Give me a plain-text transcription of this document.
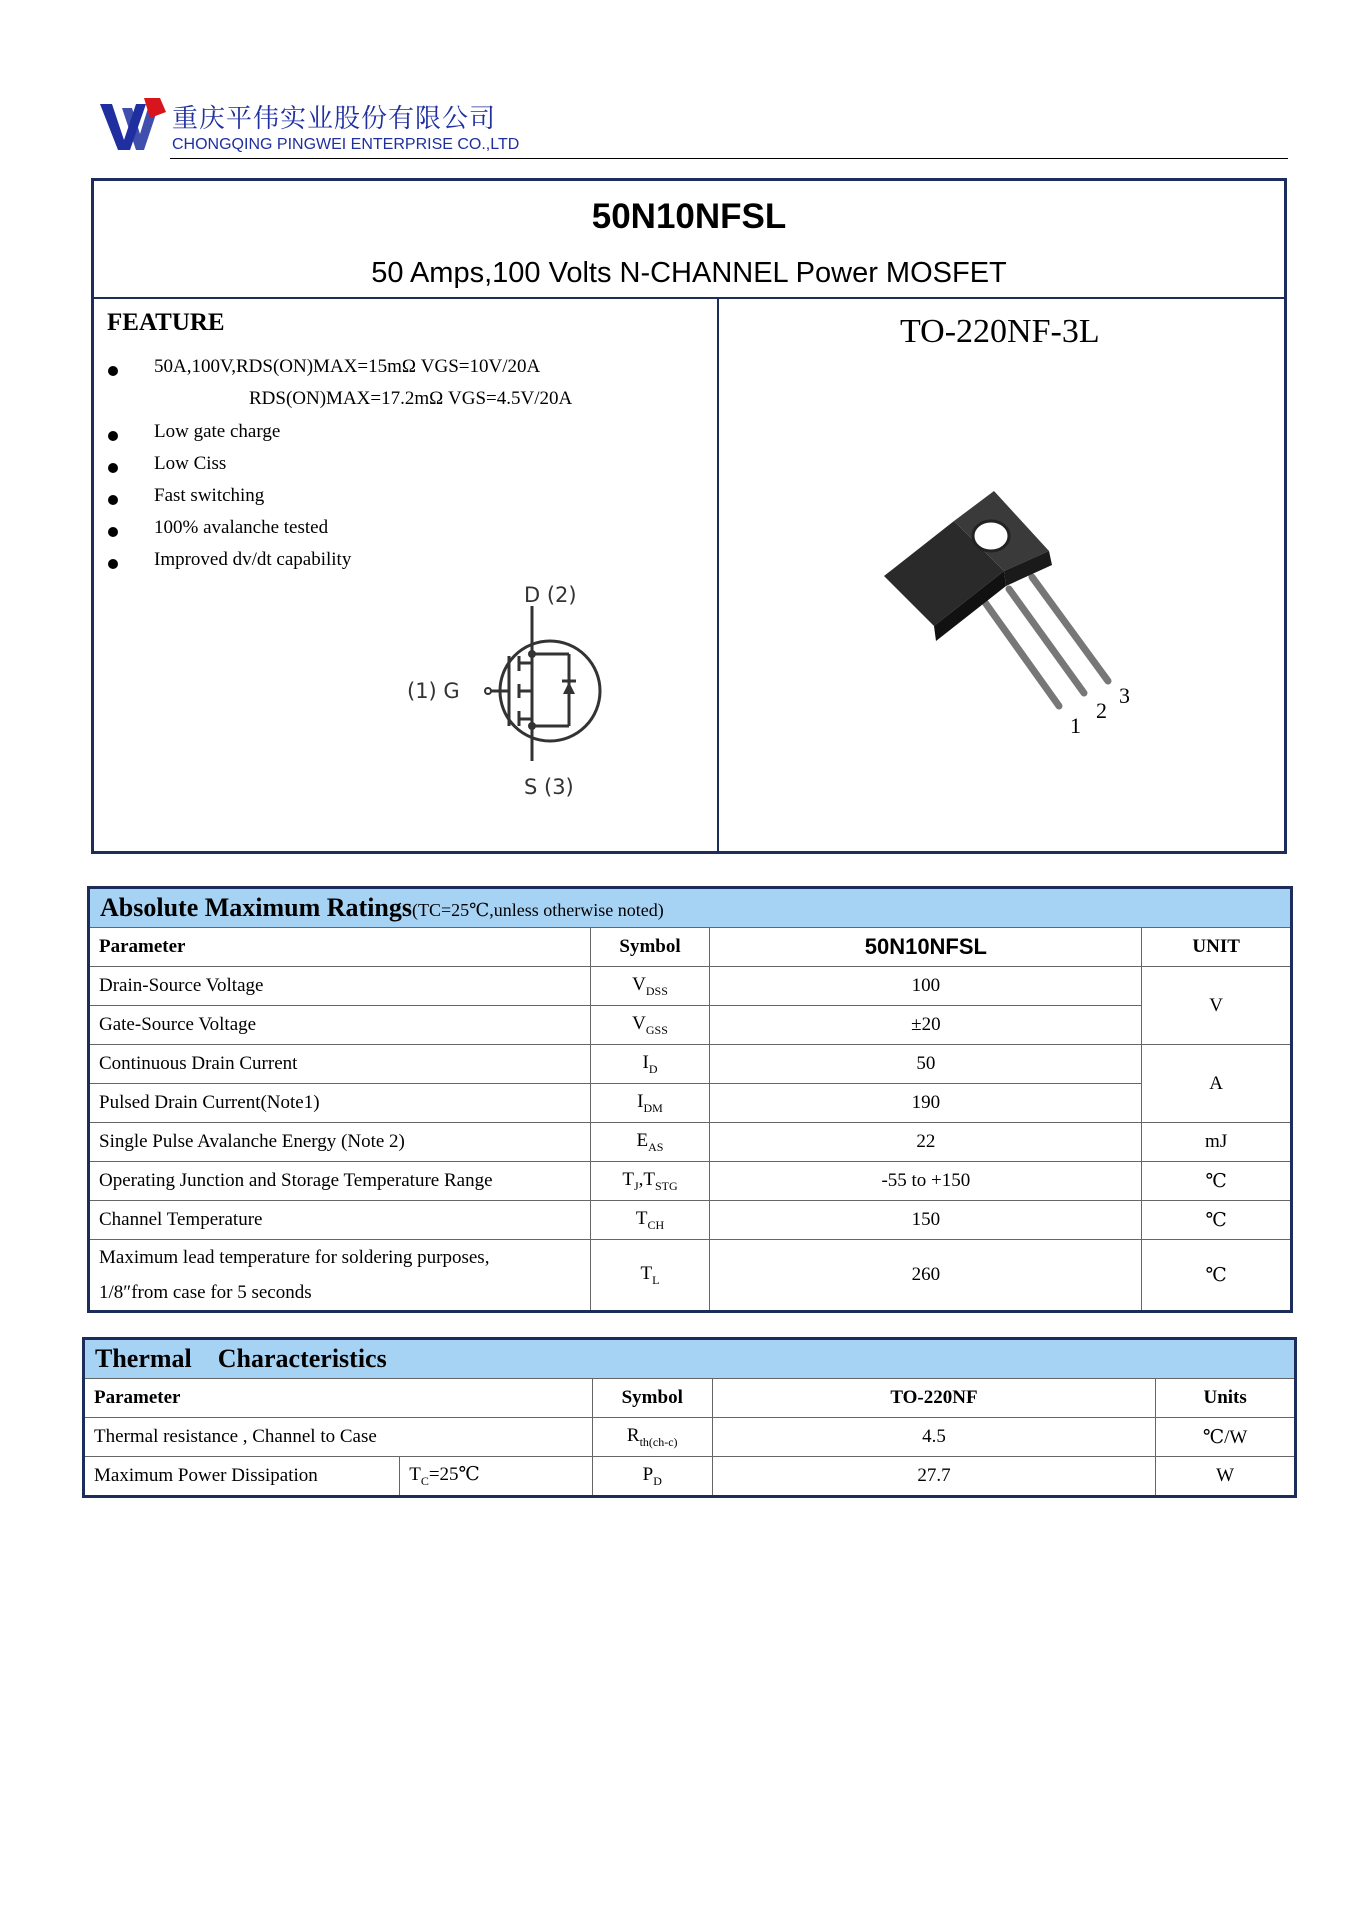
重庆平伟实业股份有限公司
CHONGQING PINGWEI ENTERPRISE CO.,LTD
50N10NFSL
50 Amps,100 Volts N-CHANNEL Power MOSFET
FEATURE
50A,100V,RDS(ON)MAX=15mΩ VGS=10V/20A
RDS(ON)MAX=17.2mΩ VGS=4.5V/20A
Low gate charge
Low Ciss
Fast switching
100% avalanche tested
Improved dv/dt capability
D (2)
(1) G
S (3)
TO-220NF-3L
1
2
3
Absolute Maximum Ratings(TC=25℃,unless otherwise noted)			
Parameter	Symbol	50N10NFSL	UNIT
Drain-Source Voltage	$V_{DSS}$	100	V
Gate-Source Voltage	$V_{GSS}$	±20	
Continuous Drain Current	$I_D$	50	A
Pulsed Drain Current(Note1)	$I_{DM}$	190	
Single Pulse Avalanche Energy (Note 2)	$E_{AS}$	22	mJ
Operating Junction and Storage Temperature Range	$T_J,T_{STG}$	-55 to +150	℃
Channel Temperature	$T_{CH}$	150	℃
Maximum lead temperature for soldering purposes,
1/8″from case for 5 seconds	$T_L$	260	℃
Thermal    Characteristics				
Parameter		Symbol	TO-220NF	Units
Thermal resistance , Channel to Case		$R_{th(ch-c)}$	4.5	℃/W
Maximum Power Dissipation	$T_C=25℃$	$P_D$	27.7	W
